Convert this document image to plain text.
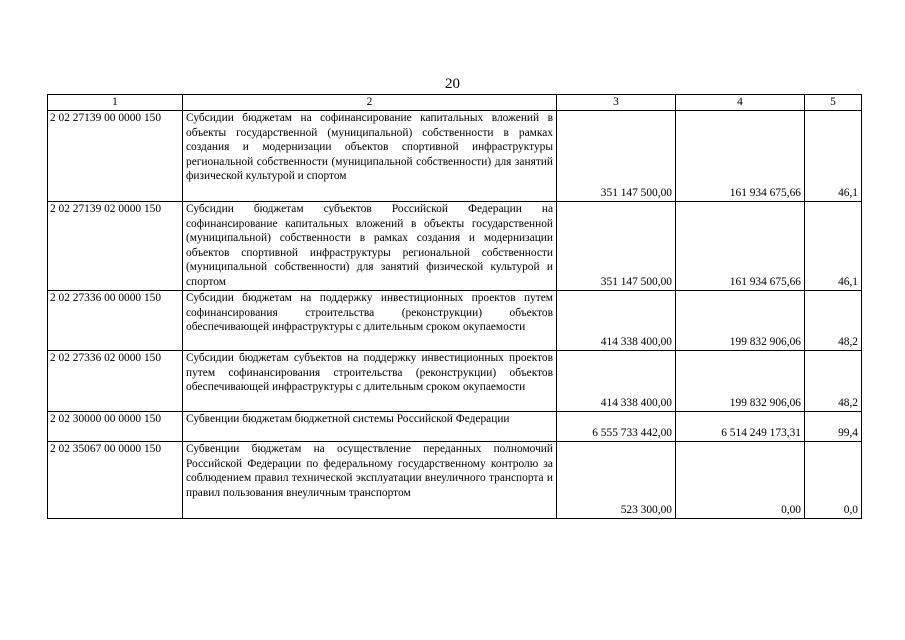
20
1	2	3	4	5
2 02 27139 00 0000 150	Субсидии бюджетам на софинансирование капитальных вложений в объекты государственной (муниципальной) собственности в рамках создания и модернизации объектов спортивной инфраструктуры региональной собственности (муниципальной собственности) для занятий физической культурой и спортом	351 147 500,00	161 934 675,66	46,1
2 02 27139 02 0000 150	Субсидии бюджетам субъектов Российской Федерации на софинансирование капитальных вложений в объекты государственной (муниципальной) собственности в рамках создания и модернизации объектов спортивной инфраструктуры региональной собственности (муниципальной собственности) для занятий физической культурой и спортом	351 147 500,00	161 934 675,66	46,1
2 02 27336 00 0000 150	Субсидии бюджетам на поддержку инвестиционных проектов путем софинансирования строительства (реконструкции) объектов обеспечивающей инфраструктуры с длительным сроком окупаемости	414 338 400,00	199 832 906,06	48,2
2 02 27336 02 0000 150	Субсидии бюджетам субъектов на поддержку инвестиционных проектов путем софинансирования строительства (реконструкции) объектов обеспечивающей инфраструктуры с длительным сроком окупаемости	414 338 400,00	199 832 906,06	48,2
2 02 30000 00 0000 150	Субвенции бюджетам бюджетной системы Российской Федерации	6 555 733 442,00	6 514 249 173,31	99,4
2 02 35067 00 0000 150	Субвенции бюджетам на осуществление переданных полномочий Российской Федерации по федеральному государственному контролю за соблюдением правил технической эксплуатации внеуличного транспорта и правил пользования внеуличным транспортом	523 300,00	0,00	0,0
